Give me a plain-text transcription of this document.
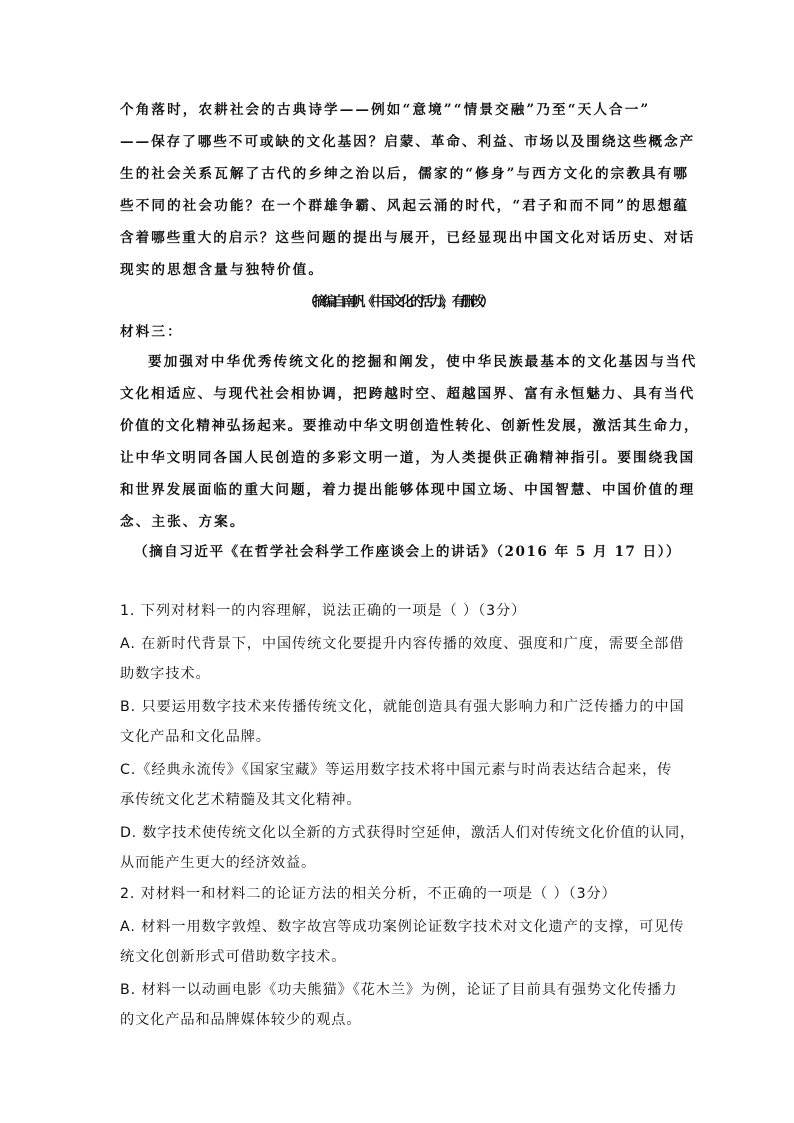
个角落时，农耕社会的古典诗学——例如“意境”“情景交融”乃至“天人合一”
——保存了哪些不可或缺的文化基因？启蒙、革命、利益、市场以及围绕这些概念产
生的社会关系瓦解了古代的乡绅之治以后，儒家的“修身”与西方文化的宗教具有哪
些不同的社会功能？在一个群雄争霸、风起云涌的时代，“君子和而不同”的思想蕴
含着哪些重大的启示？这些问题的提出与展开，已经显现出中国文化对话历史、对话
现实的思想含量与独特价值。
（摘编自南帆《中国文化的活力》，有删改）
材料三：
要加强对中华优秀传统文化的挖掘和阐发，使中华民族最基本的文化基因与当代
文化相适应、与现代社会相协调，把跨越时空、超越国界、富有永恒魅力、具有当代
价值的文化精神弘扬起来。要推动中华文明创造性转化、创新性发展，激活其生命力，
让中华文明同各国人民创造的多彩文明一道，为人类提供正确精神指引。要围绕我国
和世界发展面临的重大问题，着力提出能够体现中国立场、中国智慧、中国价值的理
念、主张、方案。
（摘自习近平《在哲学社会科学工作座谈会上的讲话》（2016 年 5 月 17 日））
1. 下列对材料一的内容理解，说法正确的一项是（ ）（3分）
A. 在新时代背景下，中国传统文化要提升内容传播的效度、强度和广度，需要全部借
助数字技术。
B. 只要运用数字技术来传播传统文化，就能创造具有强大影响力和广泛传播力的中国
文化产品和文化品牌。
C.《经典永流传》《国家宝藏》等运用数字技术将中国元素与时尚表达结合起来，传
承传统文化艺术精髓及其文化精神。
D. 数字技术使传统文化以全新的方式获得时空延伸，激活人们对传统文化价值的认同，
从而能产生更大的经济效益。
2. 对材料一和材料二的论证方法的相关分析，不正确的一项是（ ）（3分）
A. 材料一用数字敦煌、数字故宫等成功案例论证数字技术对文化遗产的支撑，可见传
统文化创新形式可借助数字技术。
B. 材料一以动画电影《功夫熊猫》《花木兰》为例，论证了目前具有强势文化传播力
的文化产品和品牌媒体较少的观点。
